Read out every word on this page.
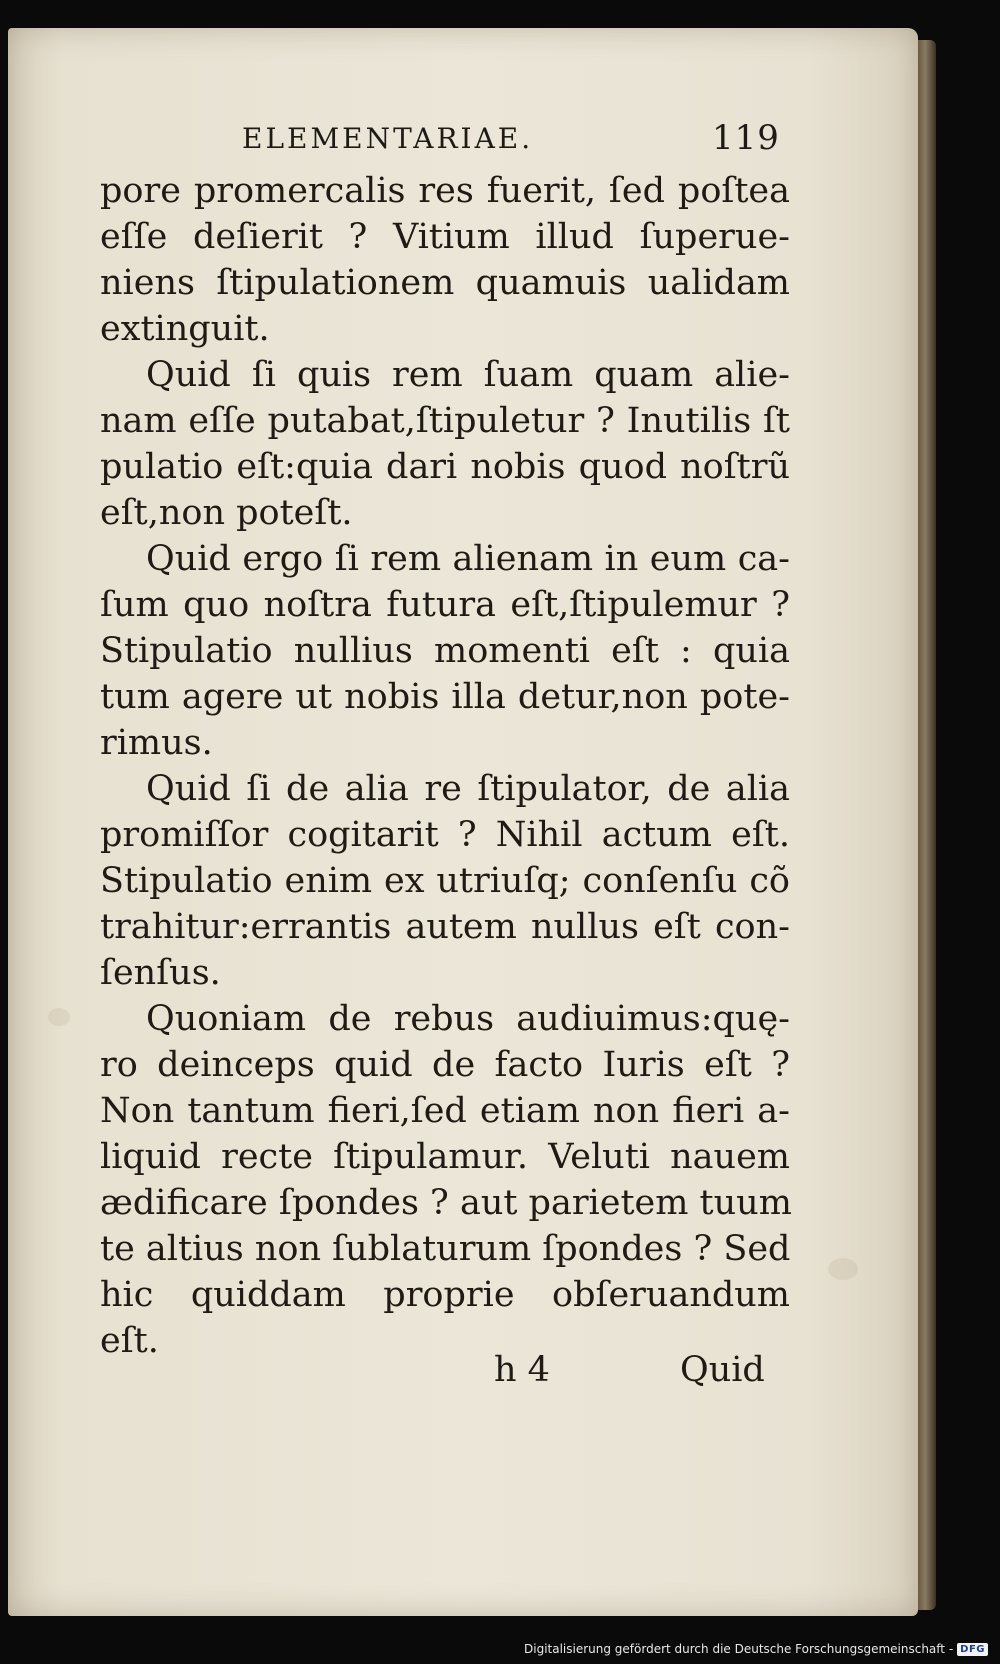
ELEMENTARIAE.	119
pore promercalis res fuerit, ſed poſtea
eſſe deſierit ? Vitium illud ſuperue-
niens ſtipulationem quamuis ualidam
extinguit.
Quid ſi quis rem ſuam quam alie-
nam eſſe putabat,ſtipuletur ? Inutilis ſt
pulatio eſt:quia dari nobis quod noſtrũ
eſt,non poteſt.
Quid ergo ſi rem alienam in eum ca-
ſum quo noſtra futura eſt,ſtipulemur ?
Stipulatio nullius momenti eſt : quia
tum agere ut nobis illa detur,non pote-
rimus.
Quid ſi de alia re ſtipulator, de alia
promiſſor cogitarit ? Nihil actum eſt.
Stipulatio enim ex utriuſq; conſenſu cõ
trahitur:errantis autem nullus eſt con-
ſenſus.
Quoniam de rebus audiuimus:quę-
ro deinceps quid de facto Iuris eſt ?
Non tantum fieri,ſed etiam non fieri a-
liquid recte ſtipulamur. Veluti nauem
ædificare ſpondes ? aut parietem tuum
te altius non ſublaturum ſpondes ? Sed
hic quiddam proprie obſeruandum
eſt.
h 4	Quid
Digitalisierung gefördert durch die Deutsche Forschungsgemeinschaft - DFG
